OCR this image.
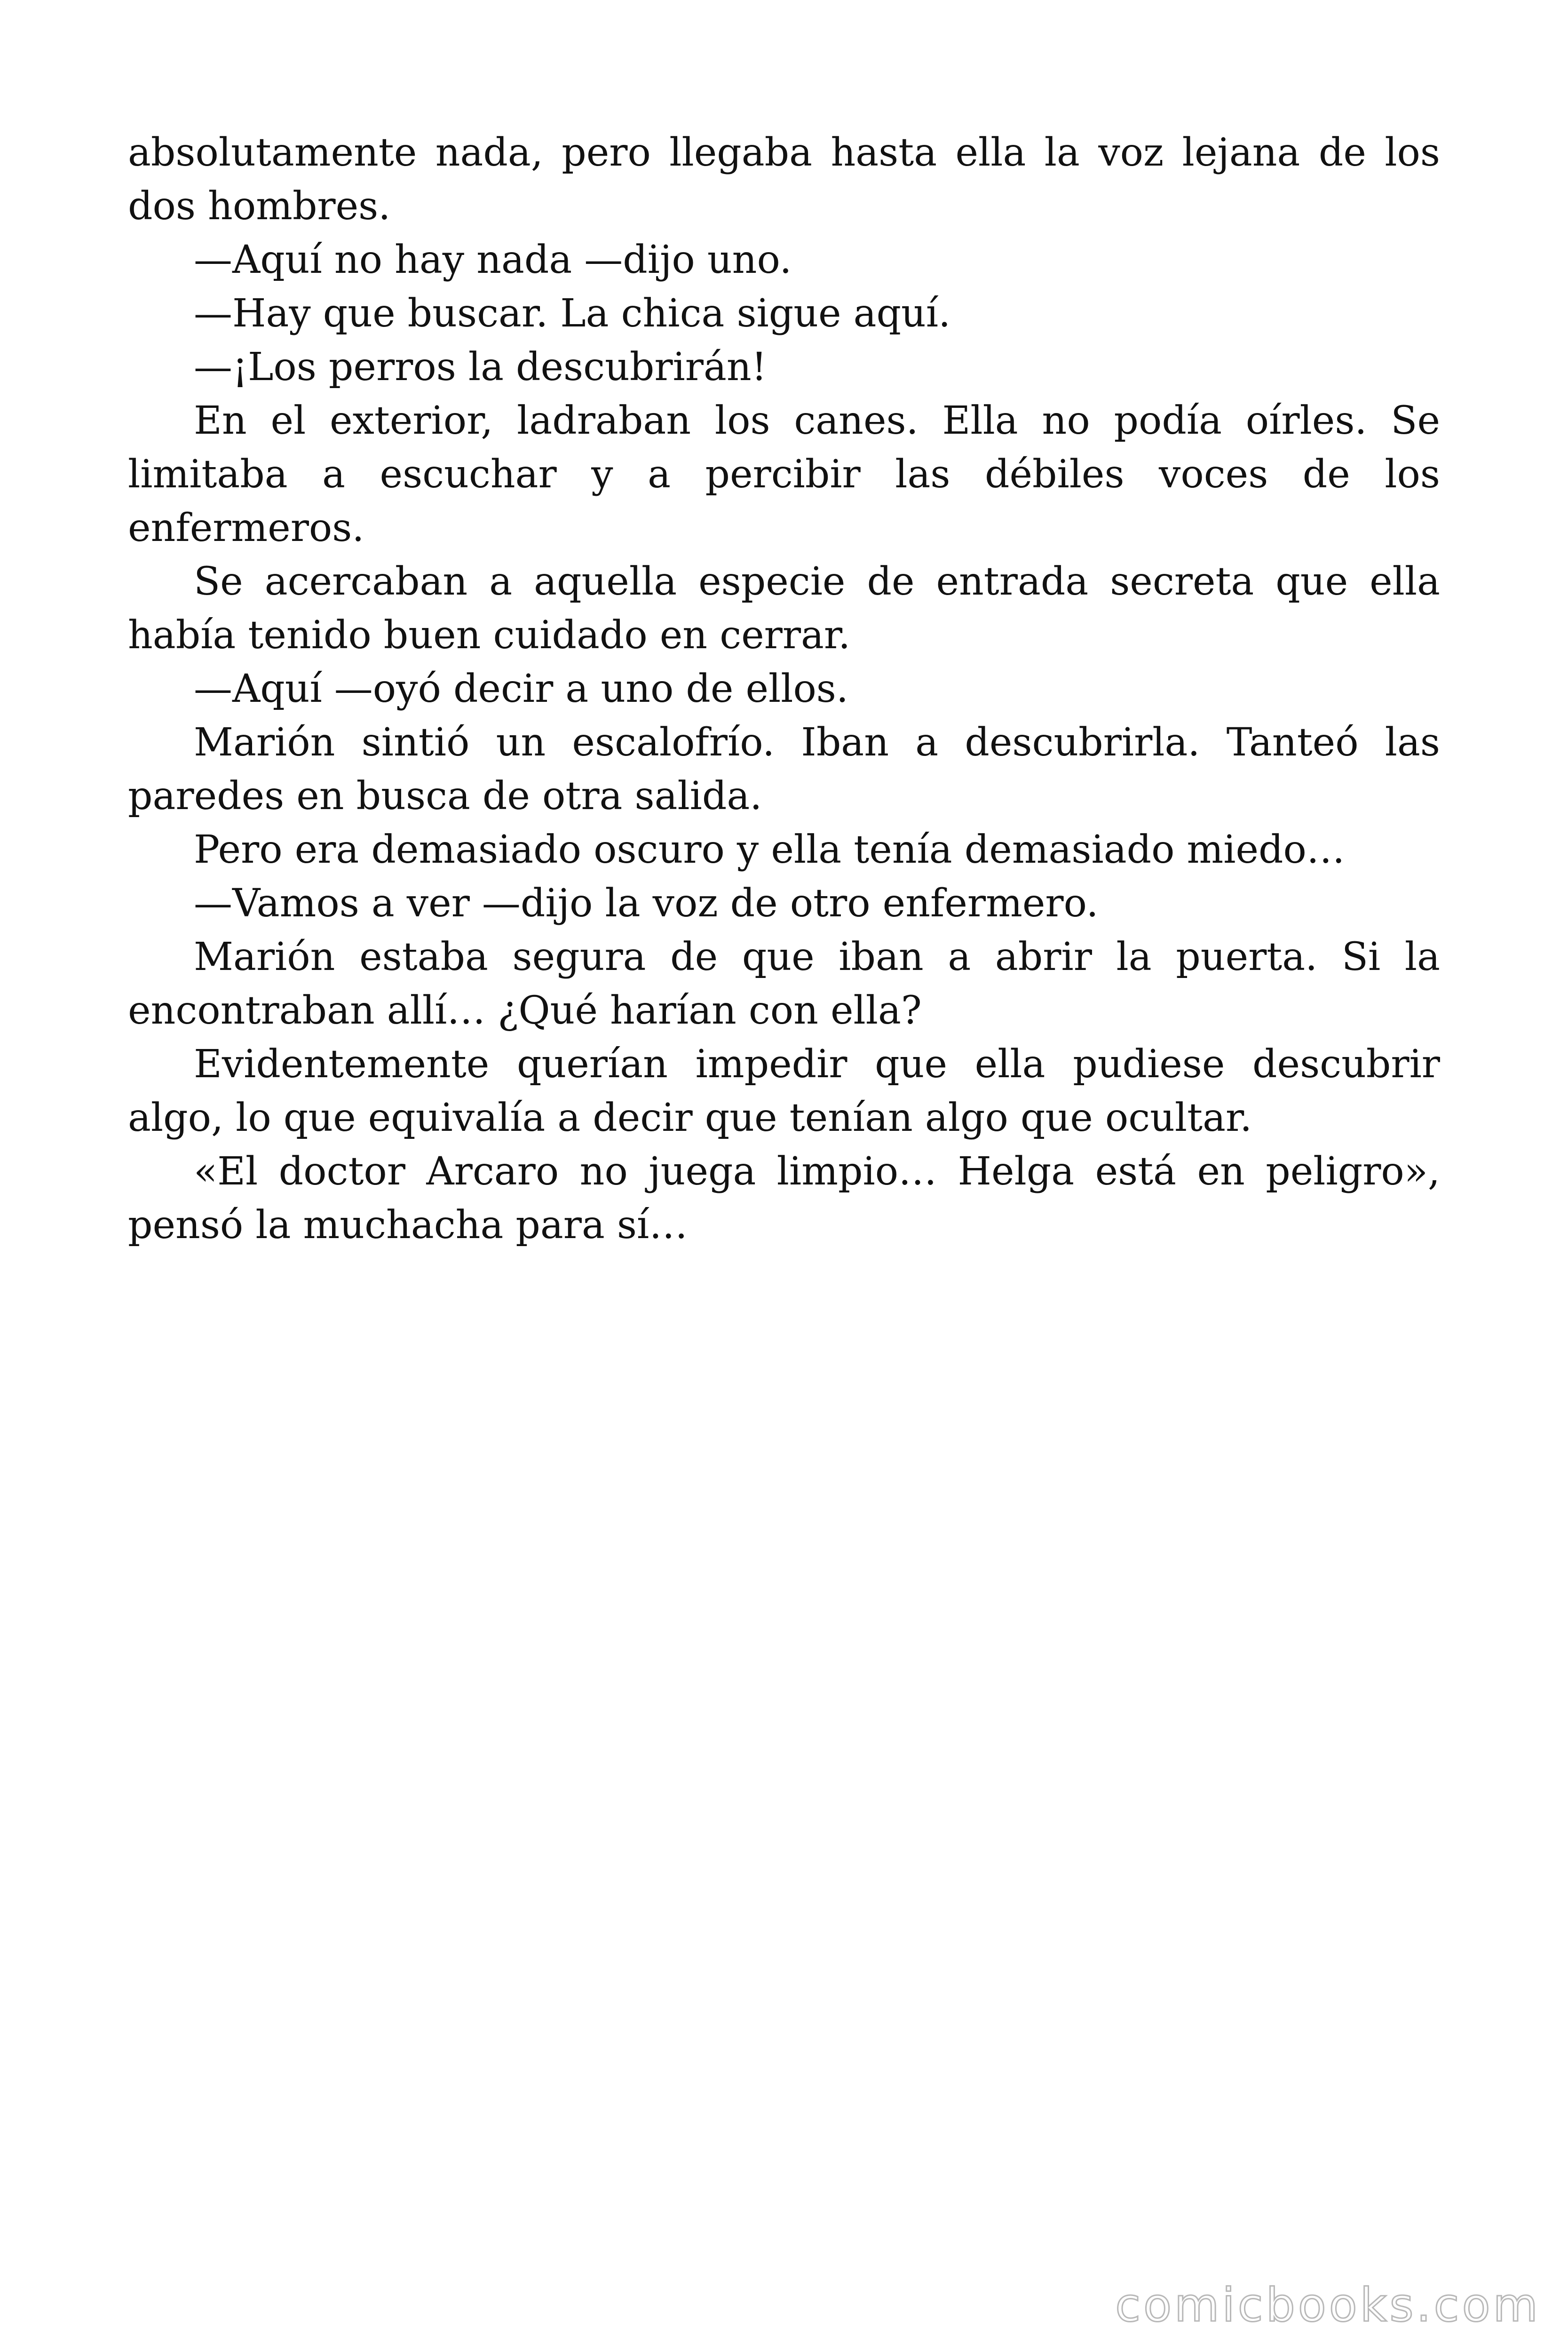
absolutamente nada, pero llegaba hasta ella la voz lejana de los dos hombres.

—Aquí no hay nada —dijo uno.

—Hay que buscar. La chica sigue aquí.

—¡Los perros la descubrirán!

En el exterior, ladraban los canes. Ella no podía oírles. Se limitaba a escuchar y a percibir las débiles voces de los enfermeros.

Se acercaban a aquella especie de entrada secreta que ella había tenido buen cuidado en cerrar.

—Aquí —oyó decir a uno de ellos.

Marión sintió un escalofrío. Iban a descubrirla. Tanteó las paredes en busca de otra salida.

Pero era demasiado oscuro y ella tenía demasiado miedo…

—Vamos a ver —dijo la voz de otro enfermero.

Marión estaba segura de que iban a abrir la puerta. Si la encontraban allí… ¿Qué harían con ella?

Evidentemente querían impedir que ella pudiese descubrir algo, lo que equivalía a decir que tenían algo que ocultar.

«El doctor Arcaro no juega limpio… Helga está en peligro», pensó la muchacha para sí…

comicbooks.com
